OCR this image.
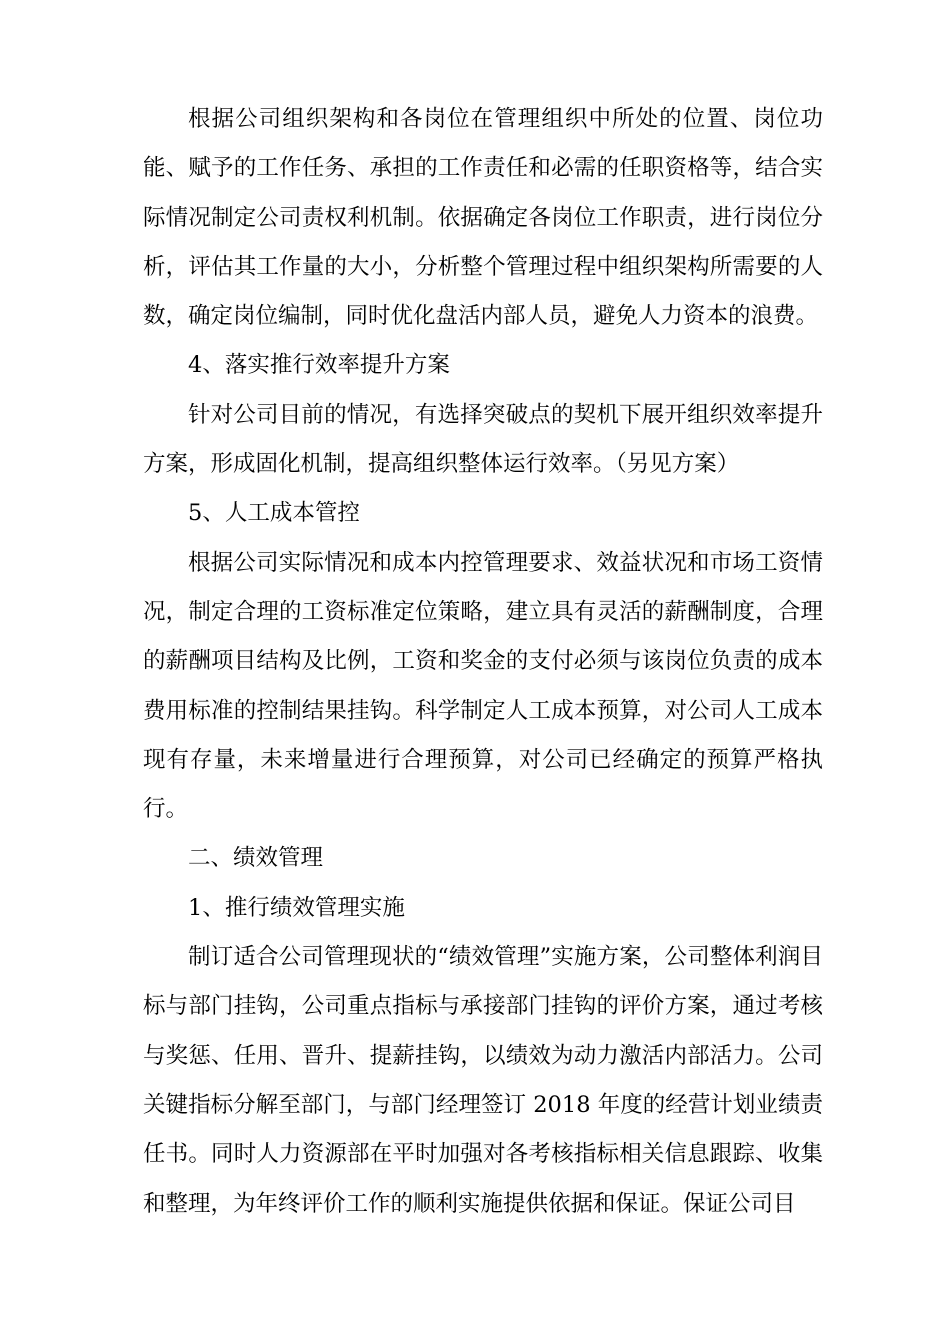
根据公司组织架构和各岗位在管理组织中所处的位置、岗位功能、赋予的工作任务、承担的工作责任和必需的任职资格等，结合实际情况制定公司责权利机制。依据确定各岗位工作职责，进行岗位分析，评估其工作量的大小，分析整个管理过程中组织架构所需要的人数，确定岗位编制，同时优化盘活内部人员，避免人力资本的浪费。

4、落实推行效率提升方案

针对公司目前的情况，有选择突破点的契机下展开组织效率提升方案，形成固化机制，提高组织整体运行效率。（另见方案）

5、人工成本管控

根据公司实际情况和成本内控管理要求、效益状况和市场工资情况，制定合理的工资标准定位策略，建立具有灵活的薪酬制度，合理的薪酬项目结构及比例，工资和奖金的支付必须与该岗位负责的成本费用标准的控制结果挂钩。科学制定人工成本预算，对公司人工成本现有存量，未来增量进行合理预算，对公司已经确定的预算严格执行。

二、绩效管理

1、推行绩效管理实施

制订适合公司管理现状的“绩效管理”实施方案，公司整体利润目标与部门挂钩，公司重点指标与承接部门挂钩的评价方案，通过考核与奖惩、任用、晋升、提薪挂钩，以绩效为动力激活内部活力。公司关键指标分解至部门，与部门经理签订 2018 年度的经营计划业绩责任书。同时人力资源部在平时加强对各考核指标相关信息跟踪、收集和整理，为年终评价工作的顺利实施提供依据和保证。保证公司目
